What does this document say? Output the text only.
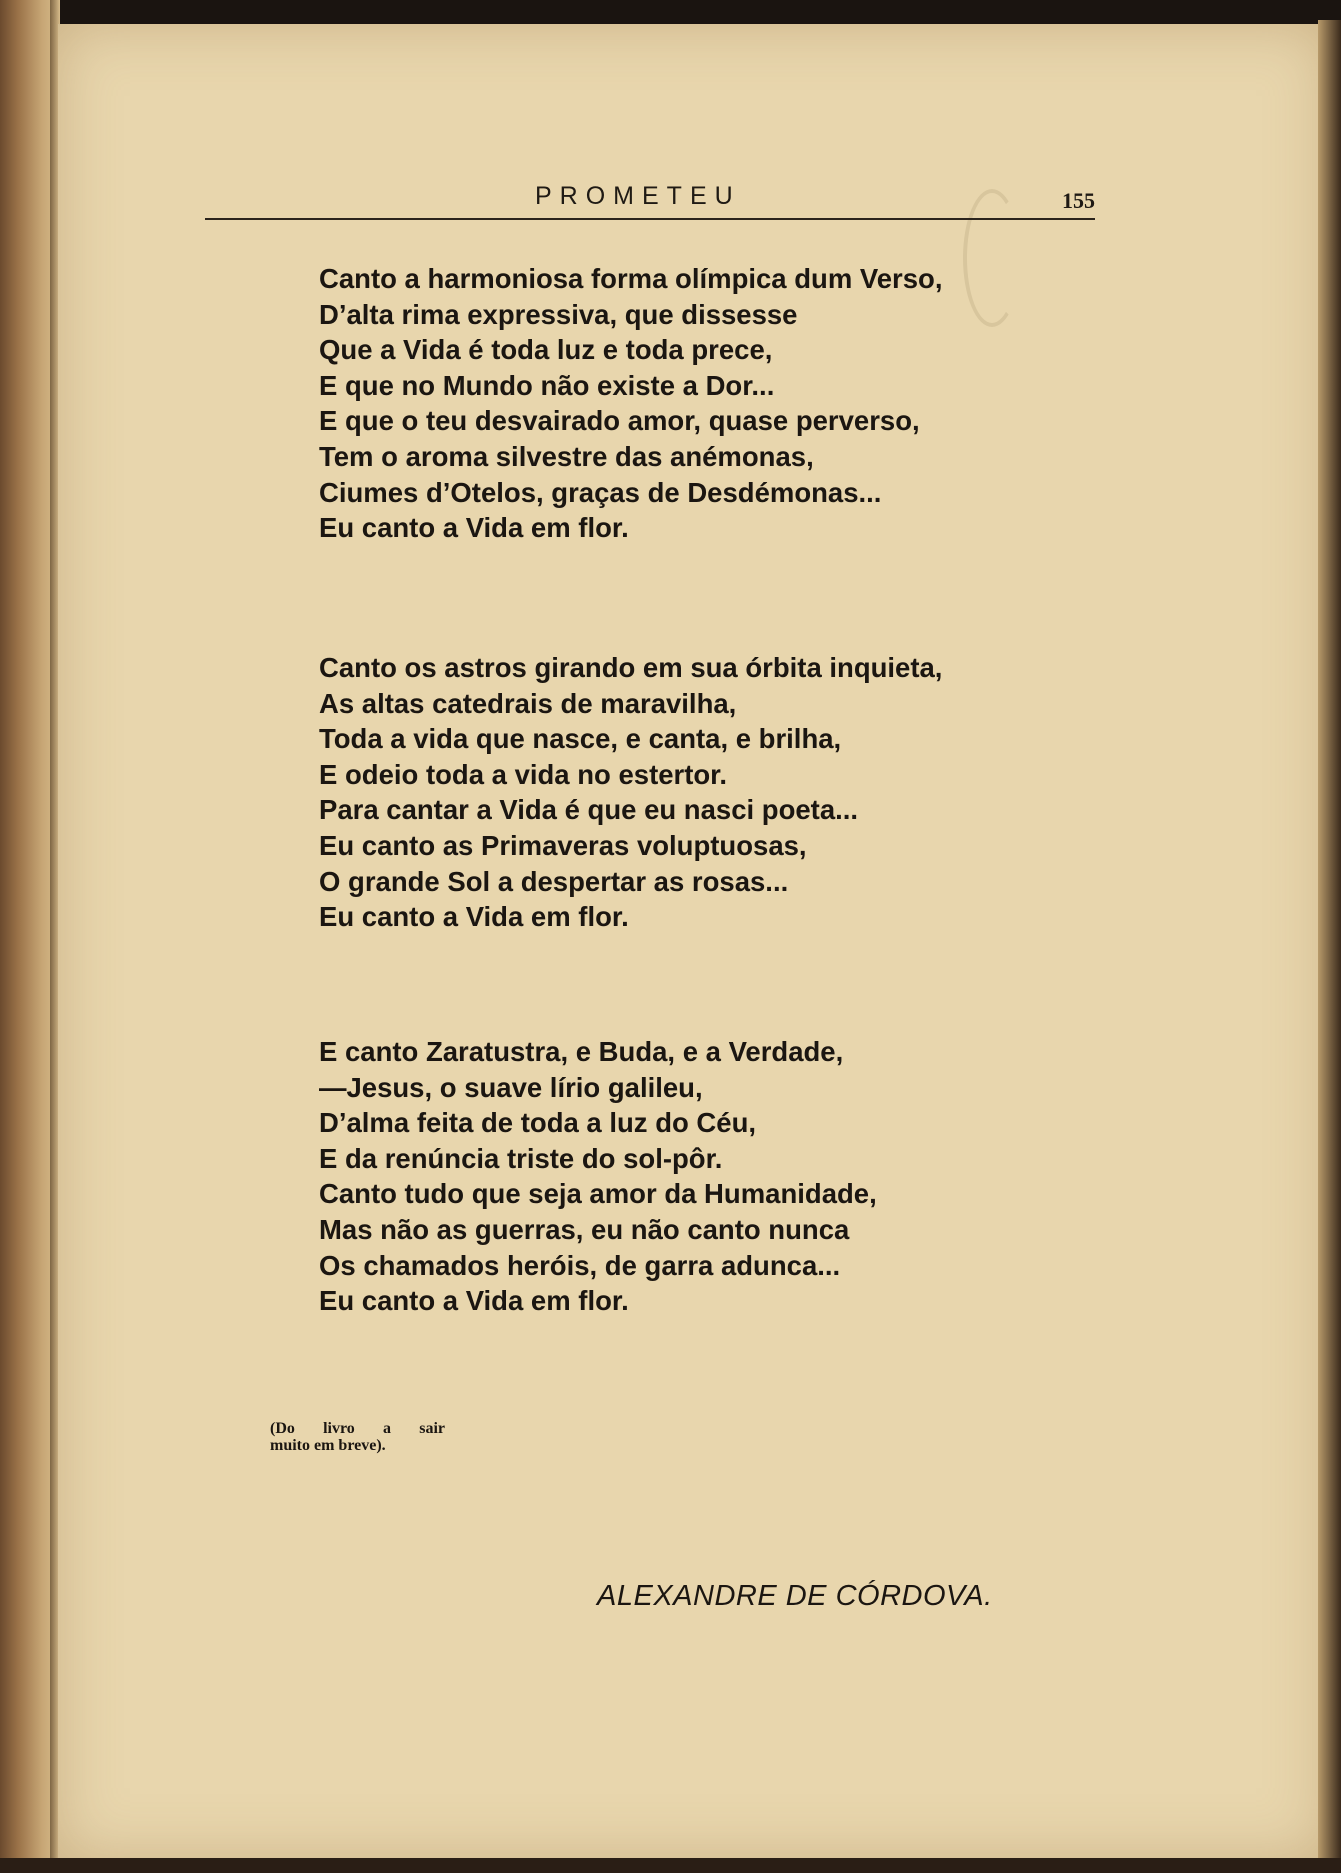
PROMETEU	155
Canto a harmoniosa forma olímpica dum Verso,
D’alta rima expressiva, que dissesse
Que a Vida é toda luz e toda prece,
E que no Mundo não existe a Dor...
E que o teu desvairado amor, quase perverso,
Tem o aroma silvestre das anémonas,
Ciumes d’Otelos, graças de Desdémonas...
Eu canto a Vida em flor.
Canto os astros girando em sua órbita inquieta,
As altas catedrais de maravilha,
Toda a vida que nasce, e canta, e brilha,
E odeio toda a vida no estertor.
Para cantar a Vida é que eu nasci poeta...
Eu canto as Primaveras voluptuosas,
O grande Sol a despertar as rosas...
Eu canto a Vida em flor.
E canto Zaratustra, e Buda, e a Verdade,
—Jesus, o suave lírio galileu,
D’alma feita de toda a luz do Céu,
E da renúncia triste do sol-pôr.
Canto tudo que seja amor da Humanidade,
Mas não as guerras, eu não canto nunca
Os chamados heróis, de garra adunca...
Eu canto a Vida em flor.
(Do livro a sair
muito em breve).
ALEXANDRE DE CÓRDOVA.
